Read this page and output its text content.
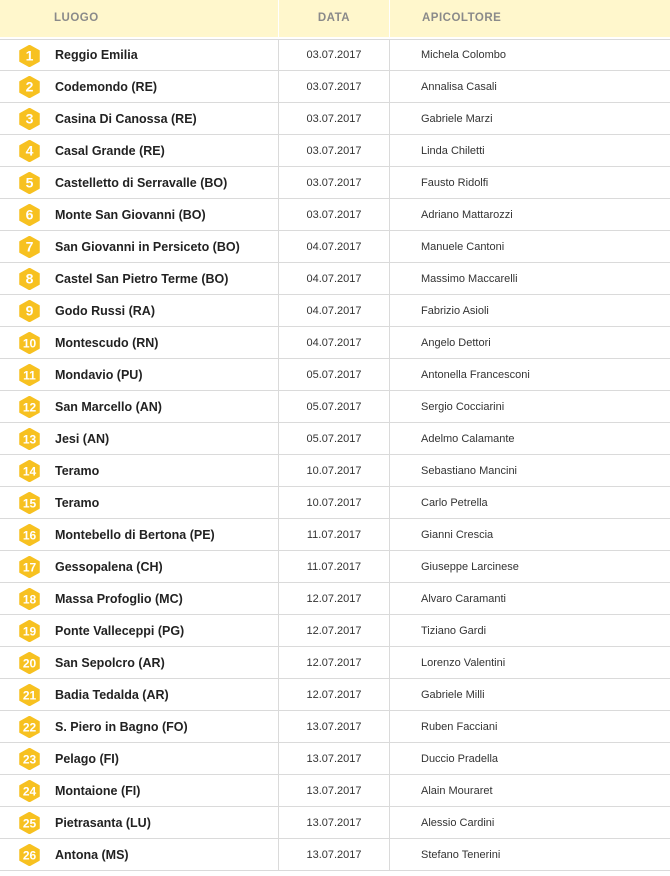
LUOGO	DATA	APICOLTORE
1 Reggio Emilia	03.07.2017	Michela Colombo
2 Codemondo (RE)	03.07.2017	Annalisa Casali
3 Casina Di Canossa (RE)	03.07.2017	Gabriele Marzi
4 Casal Grande (RE)	03.07.2017	Linda Chiletti
5 Castelletto di Serravalle (BO)	03.07.2017	Fausto Ridolfi
6 Monte San Giovanni (BO)	03.07.2017	Adriano Mattarozzi
7 San Giovanni in Persiceto (BO)	04.07.2017	Manuele Cantoni
8 Castel San Pietro Terme (BO)	04.07.2017	Massimo Maccarelli
9 Godo Russi (RA)	04.07.2017	Fabrizio Asioli
10 Montescudo (RN)	04.07.2017	Angelo Dettori
11 Mondavio (PU)	05.07.2017	Antonella Francesconi
12 San Marcello (AN)	05.07.2017	Sergio Cocciarini
13 Jesi (AN)	05.07.2017	Adelmo Calamante
14 Teramo	10.07.2017	Sebastiano Mancini
15 Teramo	10.07.2017	Carlo Petrella
16 Montebello di Bertona (PE)	11.07.2017	Gianni Crescia
17 Gessopalena (CH)	11.07.2017	Giuseppe Larcinese
18 Massa Profoglio (MC)	12.07.2017	Alvaro Caramanti
19 Ponte Valleceppi (PG)	12.07.2017	Tiziano Gardi
20 San Sepolcro (AR)	12.07.2017	Lorenzo Valentini
21 Badia Tedalda (AR)	12.07.2017	Gabriele Milli
22 S. Piero in Bagno (FO)	13.07.2017	Ruben Facciani
23 Pelago (FI)	13.07.2017	Duccio Pradella
24 Montaione (FI)	13.07.2017	Alain Mouraret
25 Pietrasanta (LU)	13.07.2017	Alessio Cardini
26 Antona (MS)	13.07.2017	Stefano Tenerini
